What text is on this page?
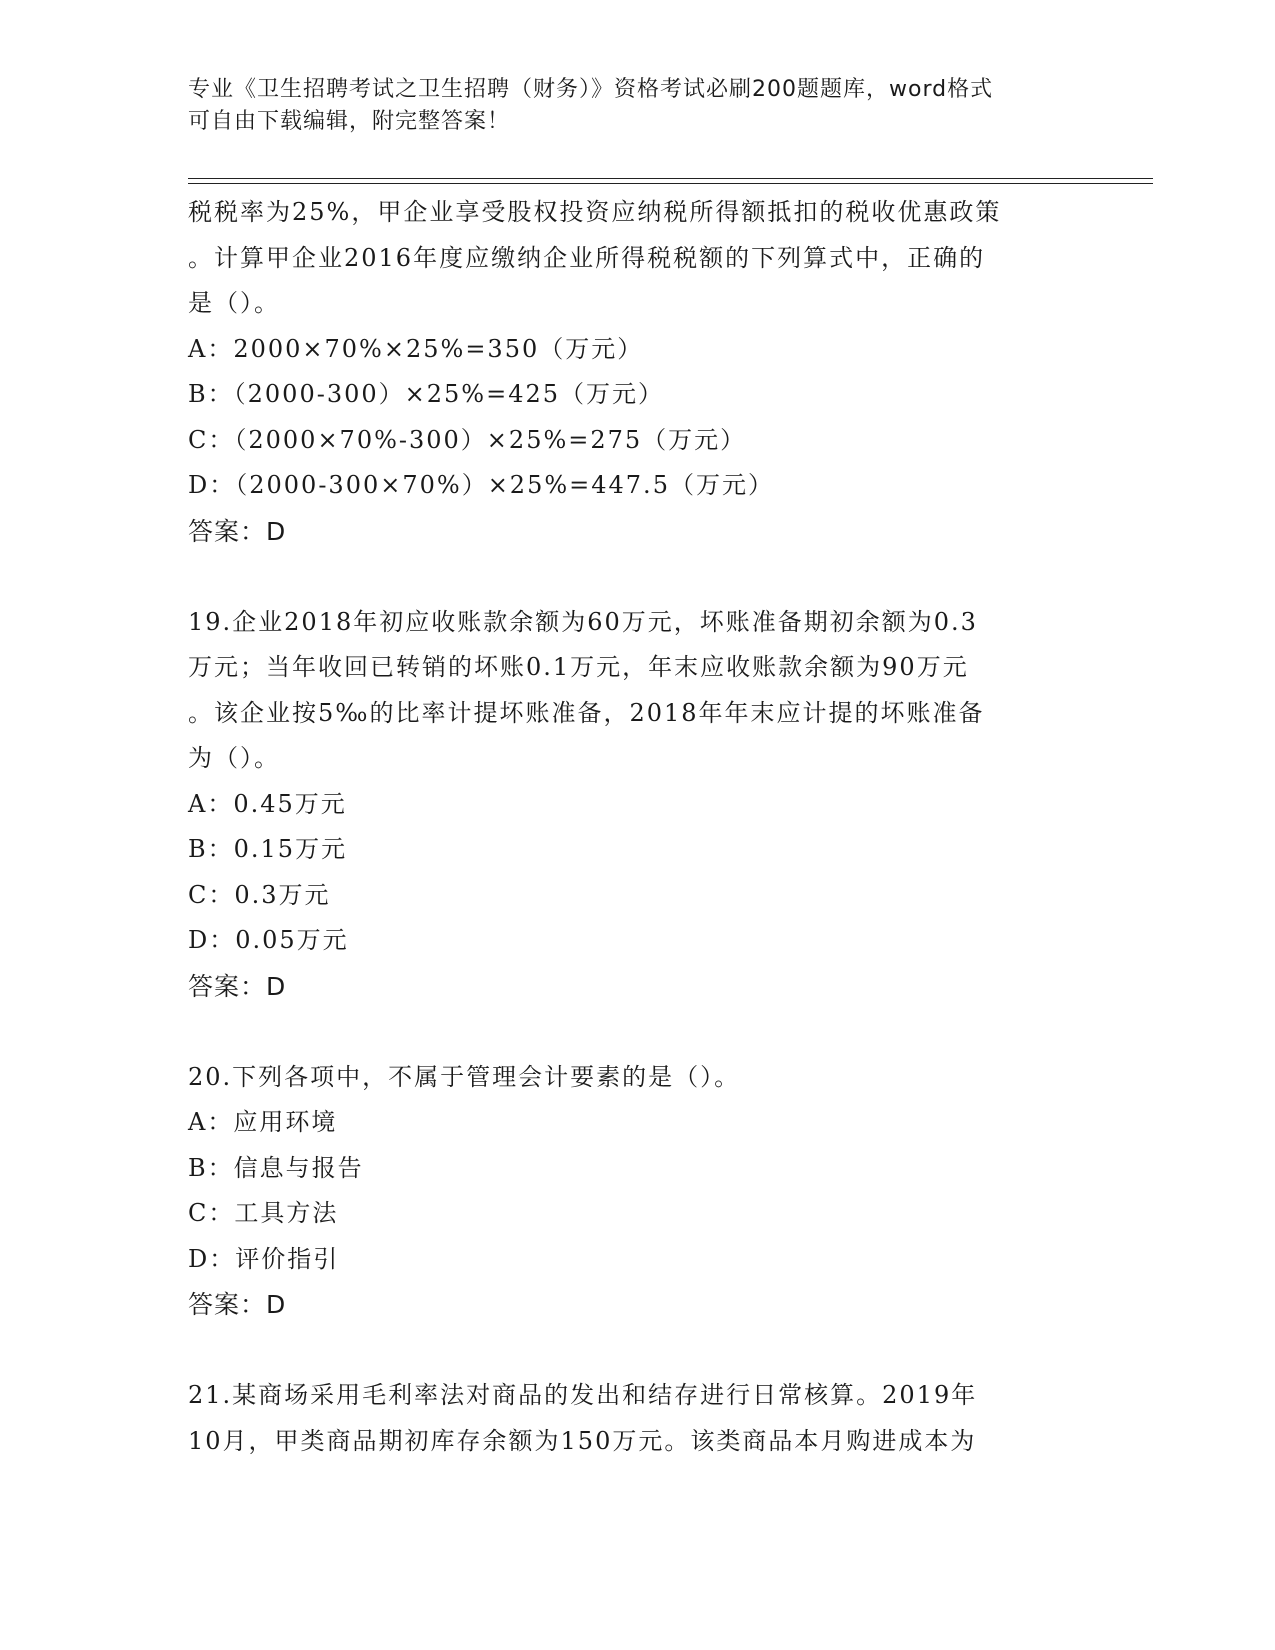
专业《卫生招聘考试之卫生招聘（财务）》资格考试必刷200题题库，word格式
可自由下载编辑，附完整答案！
税税率为25%，甲企业享受股权投资应纳税所得额抵扣的税收优惠政策
。计算甲企业2016年度应缴纳企业所得税税额的下列算式中，正确的
是（）。
A：2000×70%×25%=350（万元）
B：（2000-300）×25%=425（万元）
C：（2000×70%-300）×25%=275（万元）
D：（2000-300×70%）×25%=447.5（万元）
答案：D
19.企业2018年初应收账款余额为60万元，坏账准备期初余额为0.3
万元；当年收回已转销的坏账0.1万元，年末应收账款余额为90万元
。该企业按5‰的比率计提坏账准备，2018年年末应计提的坏账准备
为（）。
A：0.45万元
B：0.15万元
C：0.3万元
D：0.05万元
答案：D
20.下列各项中，不属于管理会计要素的是（）。
A：应用环境
B：信息与报告
C：工具方法
D：评价指引
答案：D
21.某商场采用毛利率法对商品的发出和结存进行日常核算。2019年
10月，甲类商品期初库存余额为150万元。该类商品本月购进成本为
